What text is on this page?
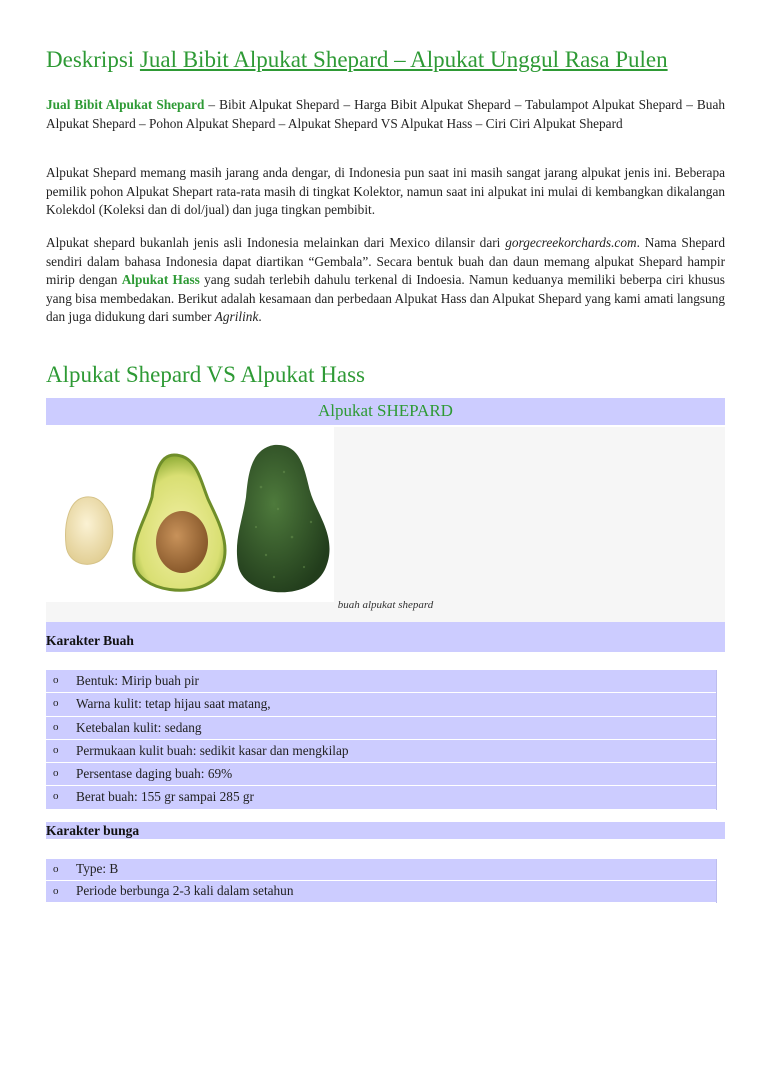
Deskripsi Jual Bibit Alpukat Shepard – Alpukat Unggul Rasa Pulen

Jual Bibit Alpukat Shepard – Bibit Alpukat Shepard – Harga Bibit Alpukat Shepard – Tabulampot Alpukat Shepard – Buah Alpukat Shepard – Pohon Alpukat Shepard – Alpukat Shepard VS Alpukat Hass – Ciri Ciri Alpukat Shepard

Alpukat Shepard memang masih jarang anda dengar, di Indonesia pun saat ini masih sangat jarang alpukat jenis ini. Beberapa pemilik pohon Alpukat Shepart rata-rata masih di tingkat Kolektor, namun saat ini alpukat ini mulai di kembangkan dikalangan Kolekdol (Koleksi dan di dol/jual) dan juga tingkan pembibit.

Alpukat shepard bukanlah jenis asli Indonesia melainkan dari Mexico dilansir dari gorgecreekorchards.com. Nama Shepard sendiri dalam bahasa Indonesia dapat diartikan “Gembala”. Secara bentuk buah dan daun memang alpukat Shepard hampir mirip dengan Alpukat Hass yang sudah terlebih dahulu terkenal di Indoesia. Namun keduanya memiliki beberpa ciri khusus yang bisa membedakan. Berikut adalah kesamaan dan perbedaan Alpukat Hass dan Alpukat Shepard yang kami amati langsung dan juga didukung dari sumber Agrilink.

Alpukat Shepard VS Alpukat Hass
Alpukat SHEPARD
buah alpukat shepard
Karakter Buah
o Bentuk: Mirip buah pir
o Warna kulit: tetap hijau saat matang,
o Ketebalan kulit: sedang
o Permukaan kulit buah: sedikit kasar dan mengkilap
o Persentase daging buah: 69%
o Berat buah: 155 gr sampai 285 gr
Karakter bunga
o Type: B
o Periode berbunga 2-3 kali dalam setahun
